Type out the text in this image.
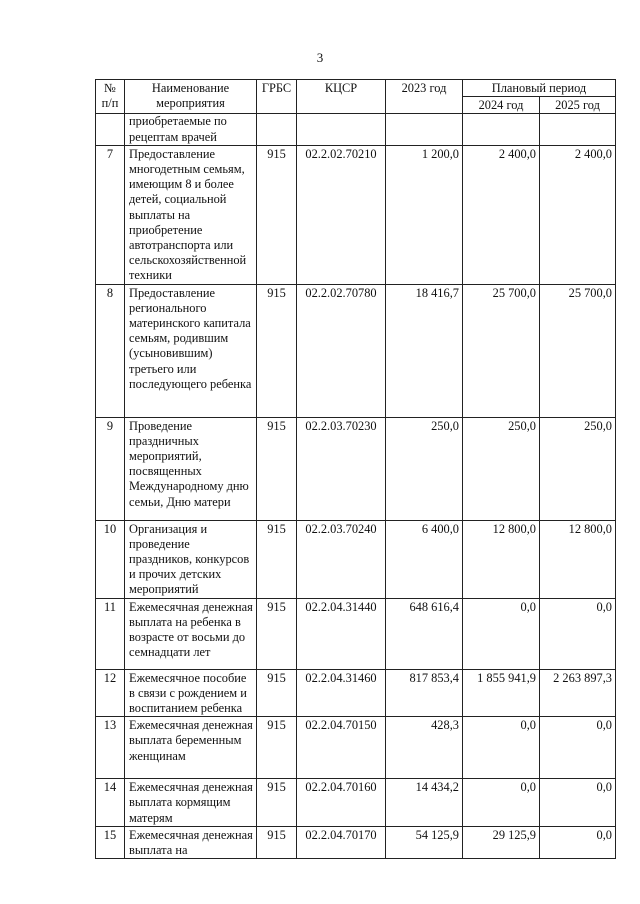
3
№ п/п	Наименование мероприятия	ГРБС	КЦСР	2023 год	Плановый период	
					2024 год	2025 год
	приобретаемые по рецептам врачей					
7	Предоставление многодетным семьям, имеющим 8 и более детей, социальной выплаты на приобретение автотранспорта или сельскохозяйственной техники	915	02.2.02.70210	1 200,0	2 400,0	2 400,0
8	Предоставление регионального материнского капитала семьям, родившим (усыновившим) третьего или последующего ребенка	915	02.2.02.70780	18 416,7	25 700,0	25 700,0
9	Проведение праздничных мероприятий, посвященных Международному дню семьи, Дню матери	915	02.2.03.70230	250,0	250,0	250,0
10	Организация и проведение праздников, конкурсов и прочих детских мероприятий	915	02.2.03.70240	6 400,0	12 800,0	12 800,0
11	Ежемесячная денежная выплата на ребенка в возрасте от восьми до семнадцати лет	915	02.2.04.31440	648 616,4	0,0	0,0
12	Ежемесячное пособие в связи с рождением и воспитанием ребенка	915	02.2.04.31460	817 853,4	1 855 941,9	2 263 897,3
13	Ежемесячная денежная выплата беременным женщинам	915	02.2.04.70150	428,3	0,0	0,0
14	Ежемесячная денежная выплата кормящим матерям	915	02.2.04.70160	14 434,2	0,0	0,0
15	Ежемесячная денежная выплата на	915	02.2.04.70170	54 125,9	29 125,9	0,0
